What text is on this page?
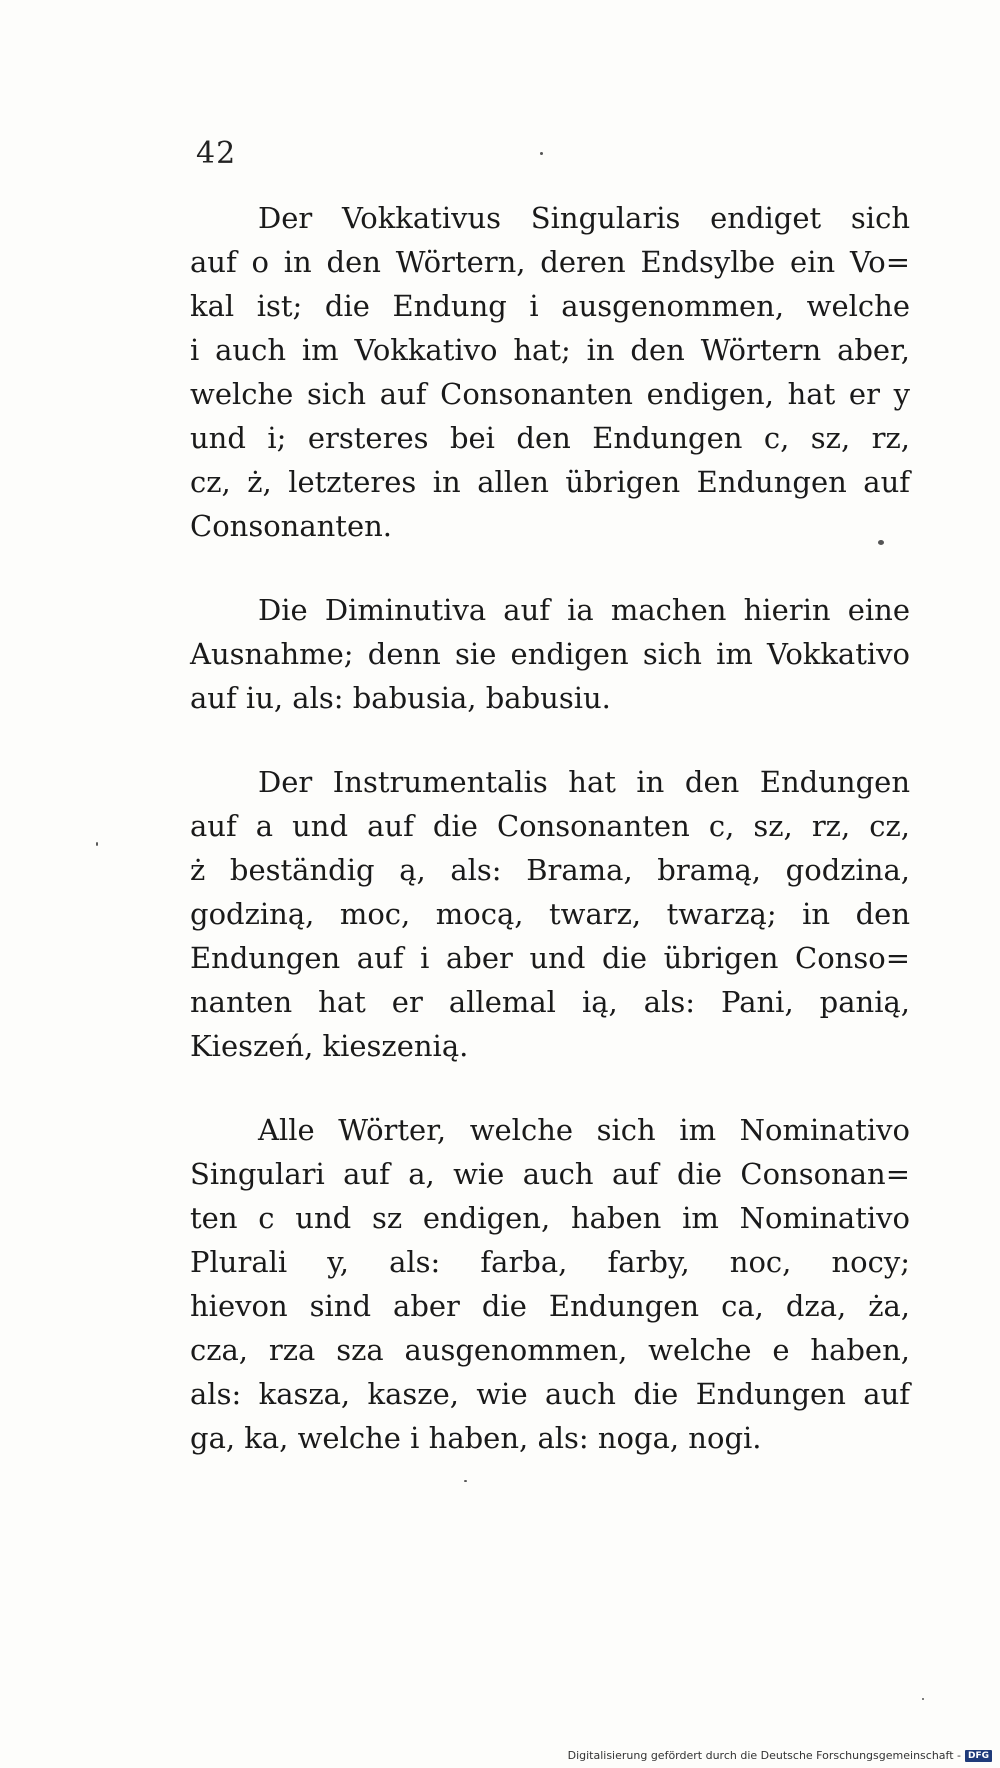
42
Der Vokkativus Singularis endiget sich
auf o in den Wörtern, deren Endsylbe ein Vo=
kal ist; die Endung i ausgenommen, welche
i auch im Vokkativo hat; in den Wörtern aber,
welche sich auf Consonanten endigen, hat er y
und i; ersteres bei den Endungen c, sz, rz,
cz, ż, letzteres in allen übrigen Endungen auf
Consonanten.
Die Diminutiva auf ia machen hierin eine
Ausnahme; denn sie endigen sich im Vokkativo
auf iu, als: babusia, babusiu.
Der Instrumentalis hat in den Endungen
auf a und auf die Consonanten c, sz, rz, cz,
ż beständig ą, als: Brama, bramą, godzina,
godziną, moc, mocą, twarz, twarzą; in den
Endungen auf i aber und die übrigen Conso=
nanten hat er allemal ią, als: Pani, panią,
Kieszeń, kieszenią.
Alle Wörter, welche sich im Nominativo
Singulari auf a, wie auch auf die Consonan=
ten c und sz endigen, haben im Nominativo
Plurali y, als: farba, farby, noc, nocy;
hievon sind aber die Endungen ca, dza, ża,
cza, rza sza ausgenommen, welche e haben,
als: kasza, kasze, wie auch die Endungen auf
ga, ka, welche i haben, als: noga, nogi.
Digitalisierung gefördert durch die Deutsche Forschungsgemeinschaft - DFG
